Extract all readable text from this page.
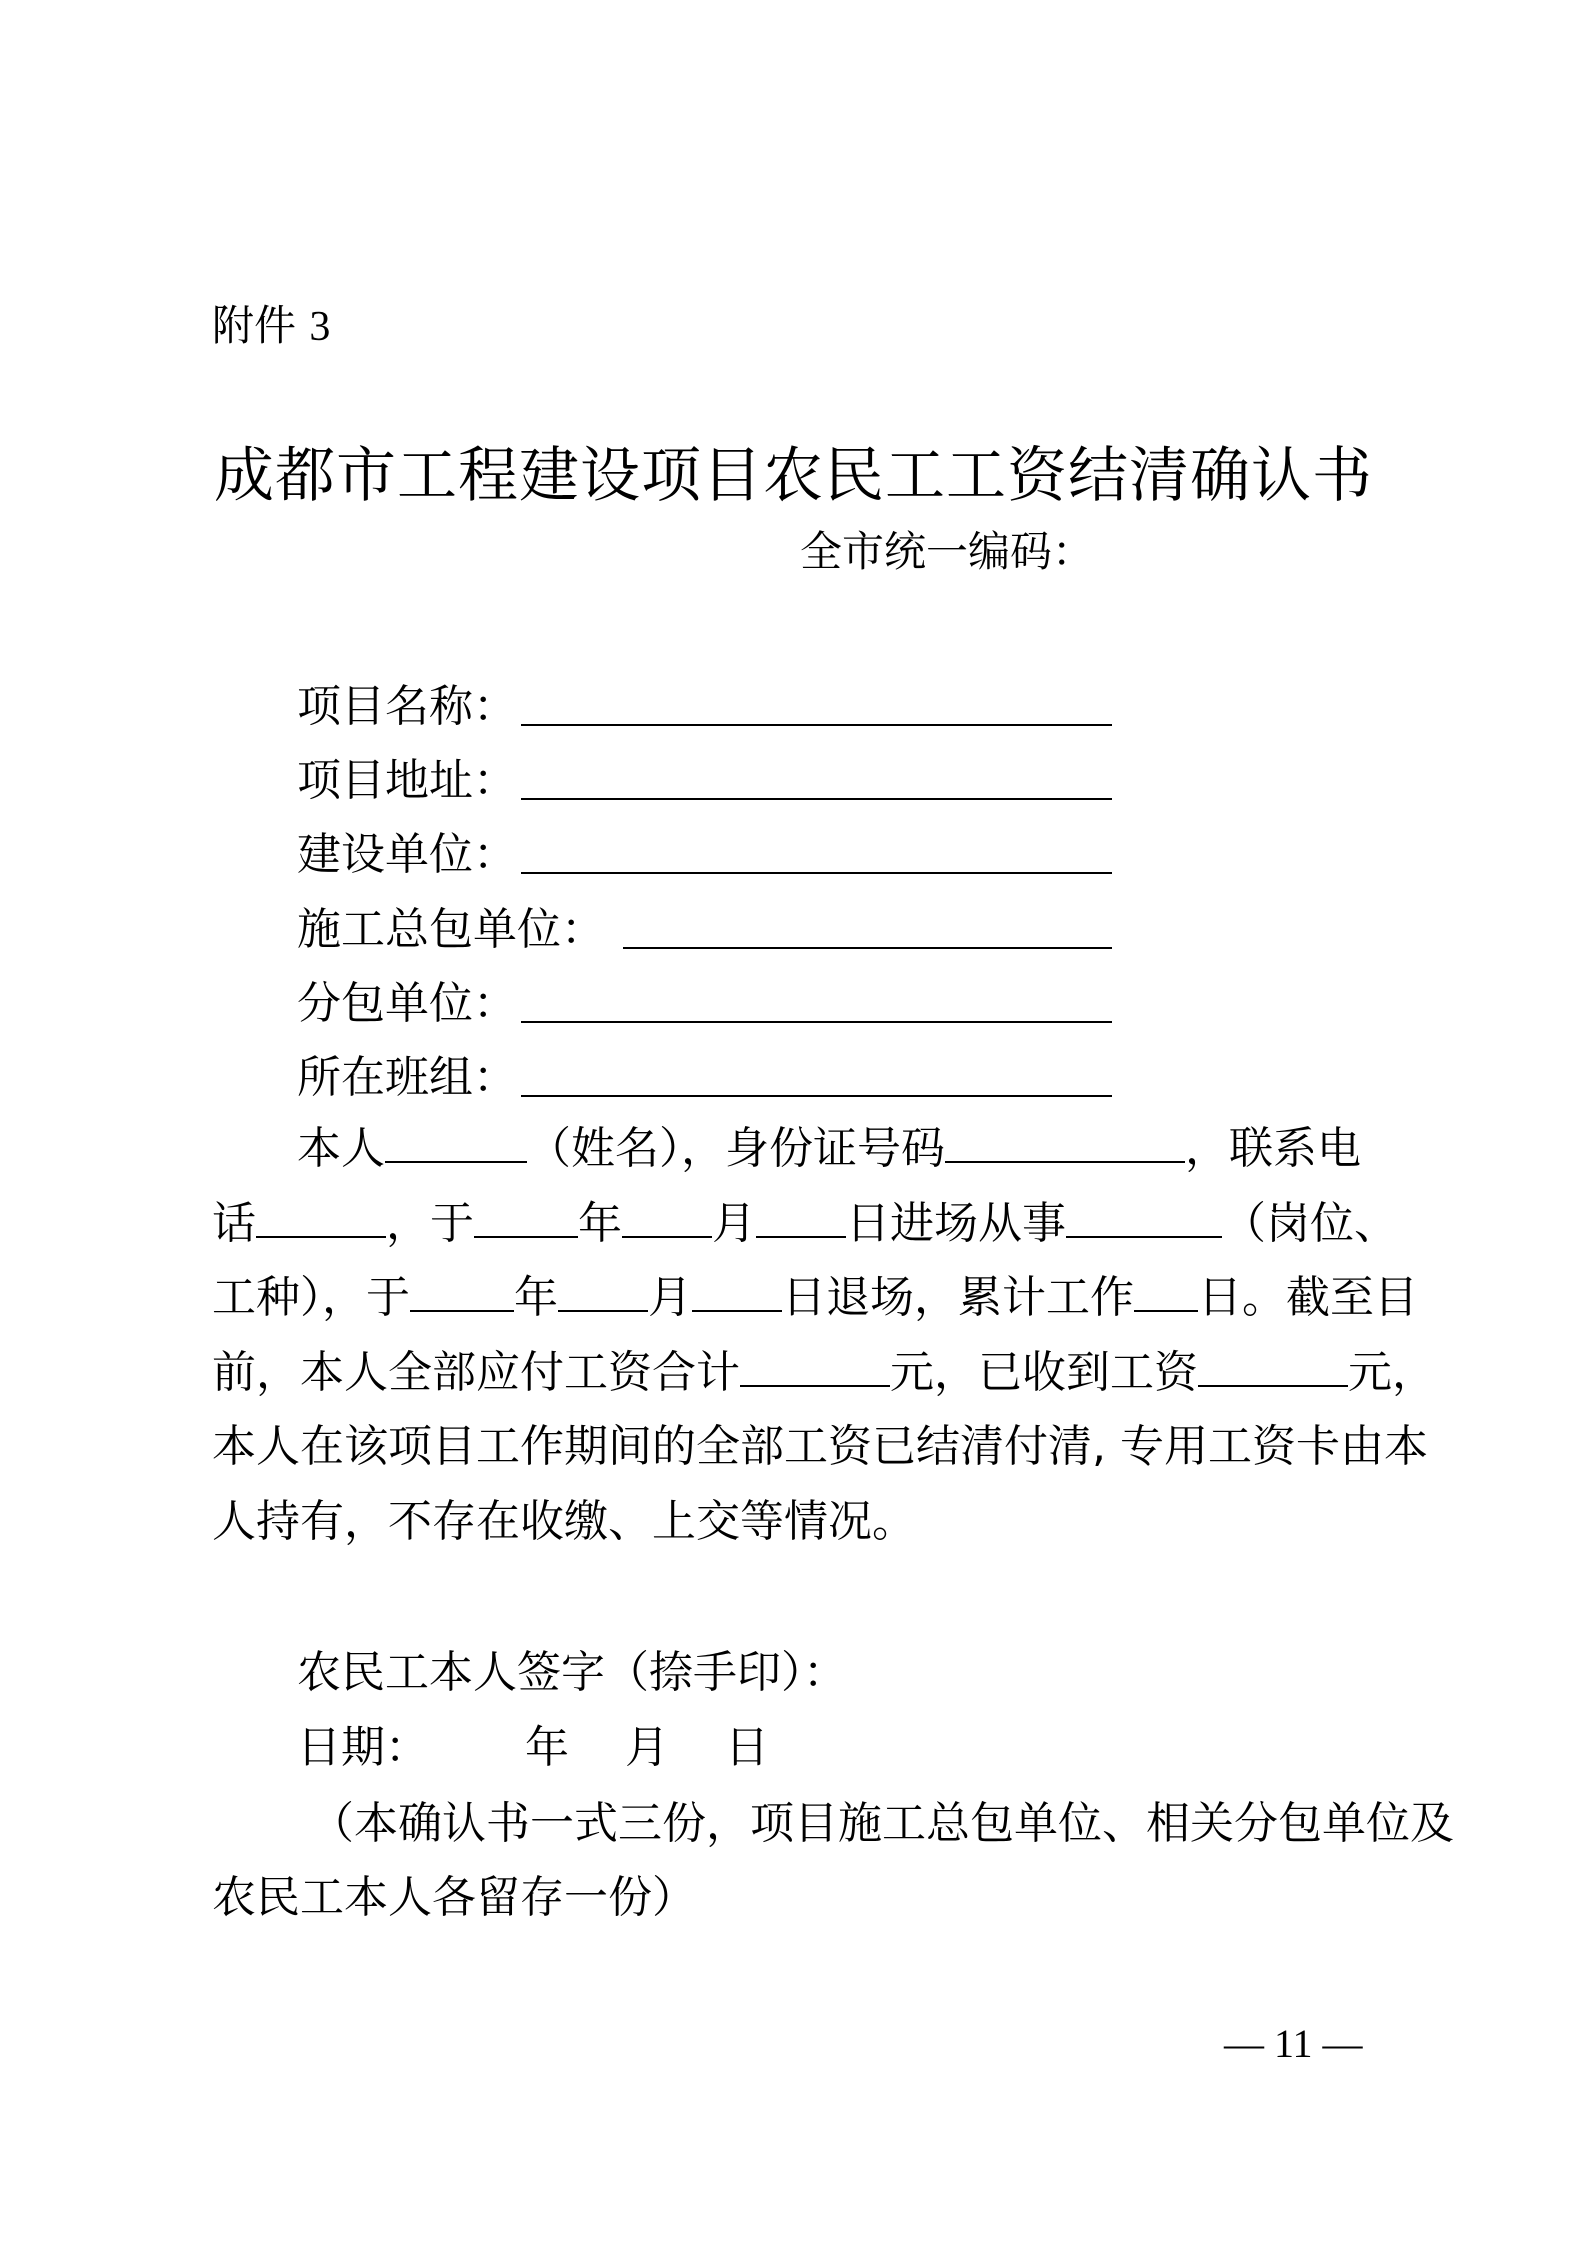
附件 3
成都市工程建设项目农民工工资结清确认书
全市统一编码：
项目名称：
项目地址：
建设单位：
施工总包单位：
分包单位：
所在班组：
本人	（姓名），身份证号码	，联系电
话	，于 年 月 日进场从事	（岗位、
工种），于 年 月 日退场，累计工作 日。截至目
前，本人全部应付工资合计	元，已收到工资	元，
本人在该项目工作期间的全部工资已结清付清, 专用工资卡由本
人持有，不存在收缴、上交等情况。
农民工本人签字（捺手印）：
日期： 年 月 日
（本确认书一式三份，项目施工总包单位、相关分包单位及
农民工本人各留存一份）
— 11 —
